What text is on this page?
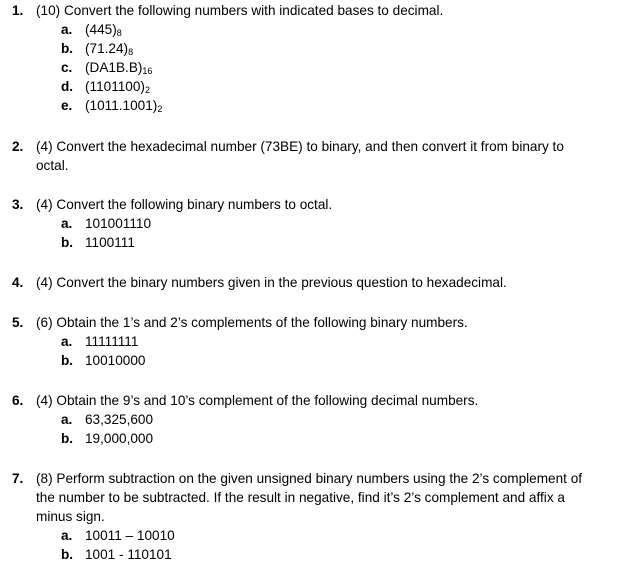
1. (10) Convert the following numbers with indicated bases to decimal.
a. (445)8
b. (71.24)8
c. (DA1B.B)16
d. (1101100)2
e. (1011.1001)2
2. (4) Convert the hexadecimal number (73BE) to binary, and then convert it from binary to
octal.
3. (4) Convert the following binary numbers to octal.
a. 101001110
b. 1100111
4. (4) Convert the binary numbers given in the previous question to hexadecimal.
5. (6) Obtain the 1’s and 2’s complements of the following binary numbers.
a. 11111111
b. 10010000
6. (4) Obtain the 9’s and 10’s complement of the following decimal numbers.
a. 63,325,600
b. 19,000,000
7. (8) Perform subtraction on the given unsigned binary numbers using the 2’s complement of
the number to be subtracted. If the result in negative, find it’s 2’s complement and affix a
minus sign.
a. 10011 – 10010
b. 1001 - 110101
